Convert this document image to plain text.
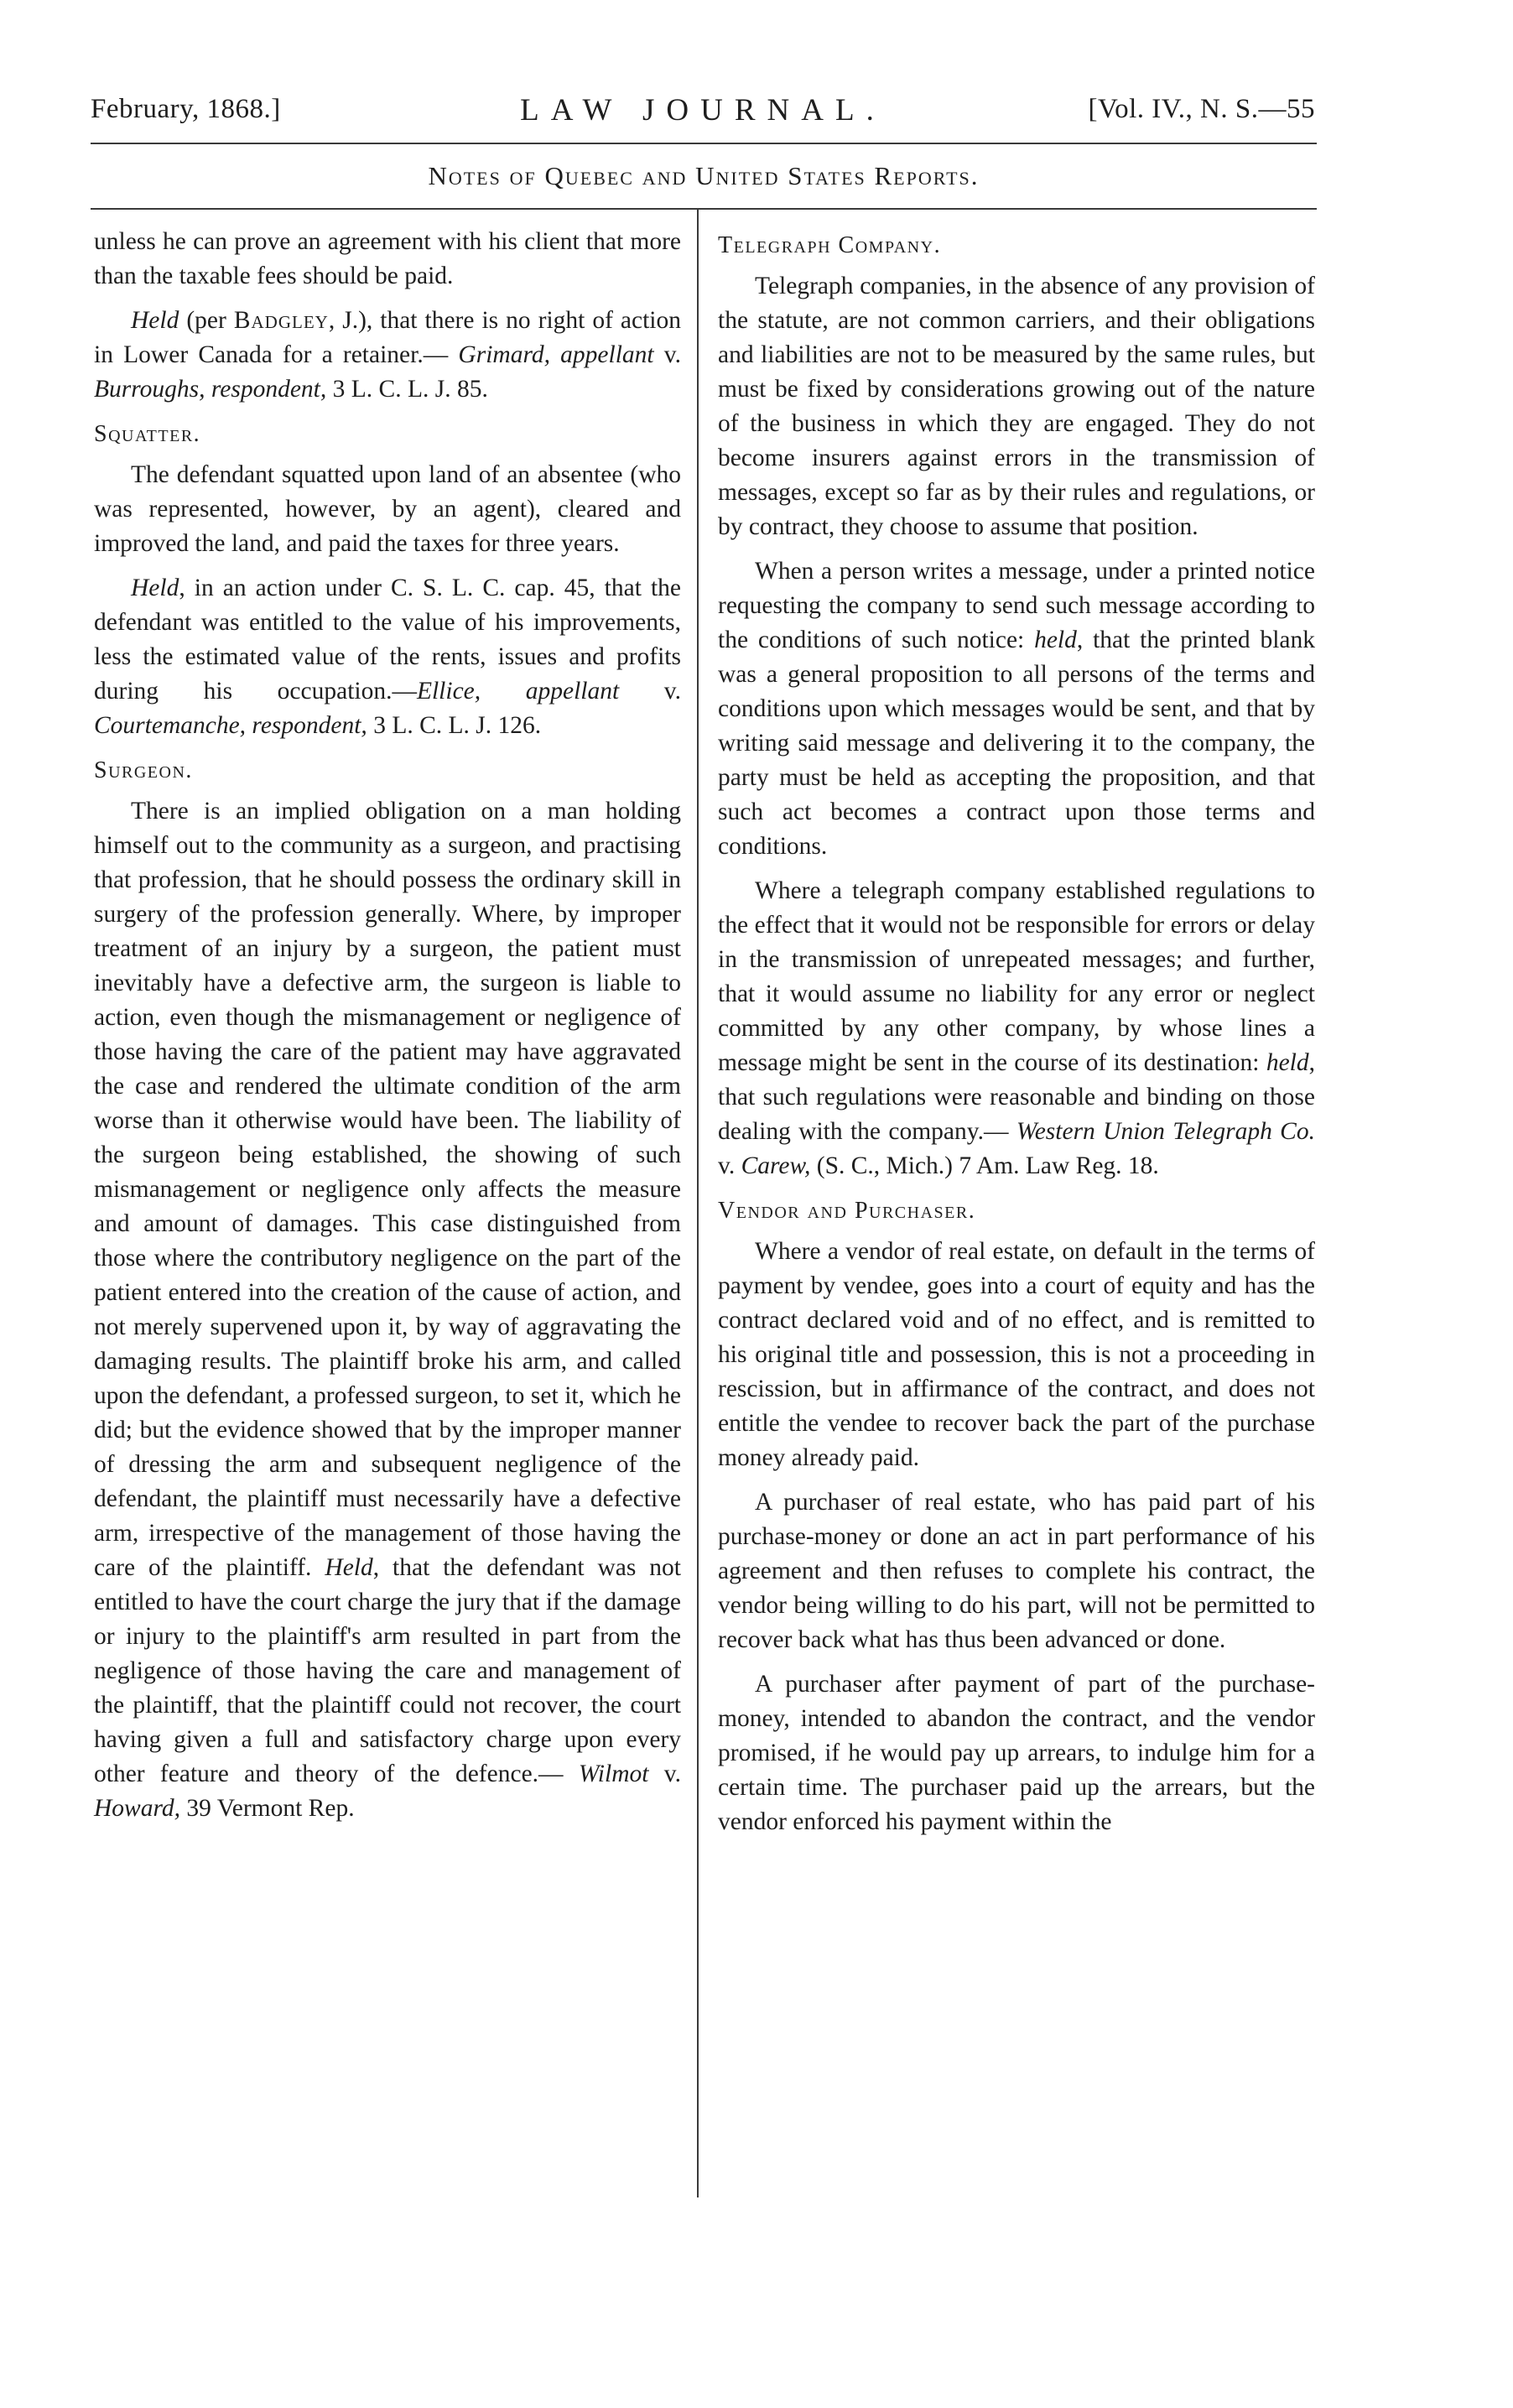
February, 1868.]	LAW JOURNAL.	[Vol. IV., N. S.—55
Notes of Quebec and United States Reports.

unless he can prove an agreement with his client that more than the taxable fees should be paid.

Held (per Badgley, J.), that there is no right of action in Lower Canada for a retainer.— Grimard, appellant v. Burroughs, respondent, 3 L. C. L. J. 85.

Squatter.

The defendant squatted upon land of an absentee (who was represented, however, by an agent), cleared and improved the land, and paid the taxes for three years.

Held, in an action under C. S. L. C. cap. 45, that the defendant was entitled to the value of his improvements, less the estimated value of the rents, issues and profits during his occupation.—Ellice, appellant v. Courtemanche, respondent, 3 L. C. L. J. 126.

Surgeon.

There is an implied obligation on a man holding himself out to the community as a surgeon, and practising that profession, that he should possess the ordinary skill in surgery of the profession generally. Where, by improper treatment of an injury by a surgeon, the patient must inevitably have a defective arm, the surgeon is liable to action, even though the mismanagement or negligence of those having the care of the patient may have aggravated the case and rendered the ultimate condition of the arm worse than it otherwise would have been. The liability of the surgeon being established, the showing of such mismanagement or negligence only affects the measure and amount of damages. This case distinguished from those where the contributory negligence on the part of the patient entered into the creation of the cause of action, and not merely supervened upon it, by way of aggravating the damaging results. The plaintiff broke his arm, and called upon the defendant, a professed surgeon, to set it, which he did; but the evidence showed that by the improper manner of dressing the arm and subsequent negligence of the defendant, the plaintiff must necessarily have a defective arm, irrespective of the management of those having the care of the plaintiff. Held, that the defendant was not entitled to have the court charge the jury that if the damage or injury to the plaintiff's arm resulted in part from the negligence of those having the care and management of the plaintiff, that the plaintiff could not recover, the court having given a full and satisfactory charge upon every other feature and theory of the defence.— Wilmot v. Howard, 39 Vermont Rep.

Telegraph Company.

Telegraph companies, in the absence of any provision of the statute, are not common carriers, and their obligations and liabilities are not to be measured by the same rules, but must be fixed by considerations growing out of the nature of the business in which they are engaged. They do not become insurers against errors in the transmission of messages, except so far as by their rules and regulations, or by contract, they choose to assume that position.

When a person writes a message, under a printed notice requesting the company to send such message according to the conditions of such notice: held, that the printed blank was a general proposition to all persons of the terms and conditions upon which messages would be sent, and that by writing said message and delivering it to the company, the party must be held as accepting the proposition, and that such act becomes a contract upon those terms and conditions.

Where a telegraph company established regulations to the effect that it would not be responsible for errors or delay in the transmission of unrepeated messages; and further, that it would assume no liability for any error or neglect committed by any other company, by whose lines a message might be sent in the course of its destination: held, that such regulations were reasonable and binding on those dealing with the company.— Western Union Telegraph Co. v. Carew, (S. C., Mich.) 7 Am. Law Reg. 18.

Vendor and Purchaser.

Where a vendor of real estate, on default in the terms of payment by vendee, goes into a court of equity and has the contract declared void and of no effect, and is remitted to his original title and possession, this is not a proceeding in rescission, but in affirmance of the contract, and does not entitle the vendee to recover back the part of the purchase money already paid.

A purchaser of real estate, who has paid part of his purchase-money or done an act in part performance of his agreement and then refuses to complete his contract, the vendor being willing to do his part, will not be permitted to recover back what has thus been advanced or done.

A purchaser after payment of part of the purchase-money, intended to abandon the contract, and the vendor promised, if he would pay up arrears, to indulge him for a certain time. The purchaser paid up the arrears, but the vendor enforced his payment within the
